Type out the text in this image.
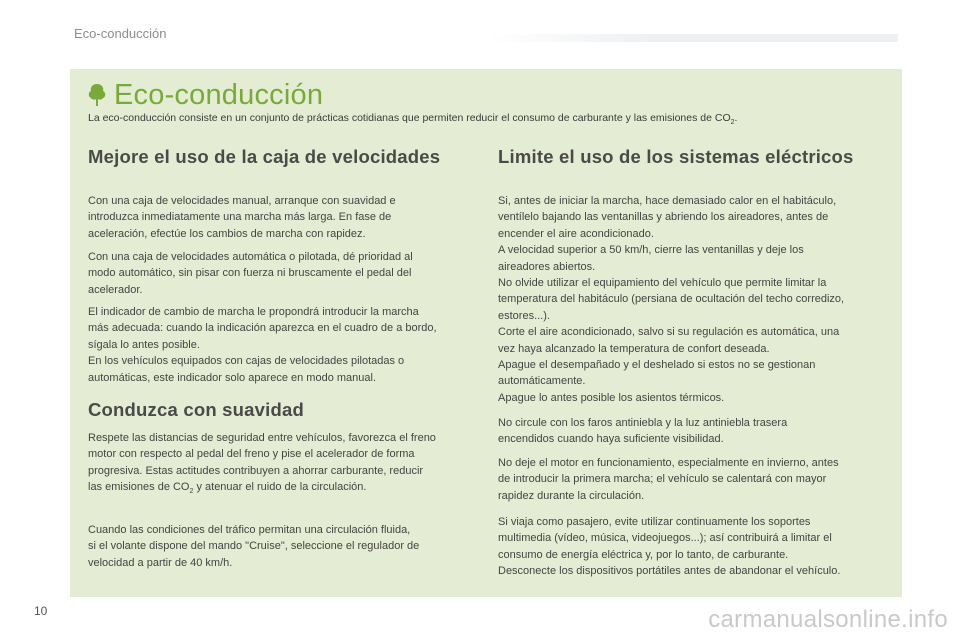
Eco-conducción
Eco-conducción
La eco-conducción consiste en un conjunto de prácticas cotidianas que permiten reducir el consumo de carburante y las emisiones de $CO_2$.
Mejore el uso de la caja de velocidades
Con una caja de velocidades manual, arranque con suavidad e
introduzca inmediatamente una marcha más larga. En fase de
aceleración, efectúe los cambios de marcha con rapidez.
Con una caja de velocidades automática o pilotada, dé prioridad al
modo automático, sin pisar con fuerza ni bruscamente el pedal del
acelerador.
El indicador de cambio de marcha le propondrá introducir la marcha
más adecuada: cuando la indicación aparezca en el cuadro de a bordo,
sígala lo antes posible.
En los vehículos equipados con cajas de velocidades pilotadas o
automáticas, este indicador solo aparece en modo manual.
Conduzca con suavidad
Respete las distancias de seguridad entre vehículos, favorezca el freno
motor con respecto al pedal del freno y pise el acelerador de forma
progresiva. Estas actitudes contribuyen a ahorrar carburante, reducir
las emisiones de $CO_2$ y atenuar el ruido de la circulación.
Cuando las condiciones del tráfico permitan una circulación fluida,
si el volante dispone del mando "Cruise", seleccione el regulador de
velocidad a partir de 40 km/h.
Limite el uso de los sistemas eléctricos
Si, antes de iniciar la marcha, hace demasiado calor en el habitáculo,
ventílelo bajando las ventanillas y abriendo los aireadores, antes de
encender el aire acondicionado.
A velocidad superior a 50 km/h, cierre las ventanillas y deje los
aireadores abiertos.
No olvide utilizar el equipamiento del vehículo que permite limitar la
temperatura del habitáculo (persiana de ocultación del techo corredizo,
estores...).
Corte el aire acondicionado, salvo si su regulación es automática, una
vez haya alcanzado la temperatura de confort deseada.
Apague el desempañado y el deshelado si estos no se gestionan
automáticamente.
Apague lo antes posible los asientos térmicos.
No circule con los faros antiniebla y la luz antiniebla trasera
encendidos cuando haya suficiente visibilidad.
No deje el motor en funcionamiento, especialmente en invierno, antes
de introducir la primera marcha; el vehículo se calentará con mayor
rapidez durante la circulación.
Si viaja como pasajero, evite utilizar continuamente los soportes
multimedia (vídeo, música, videojuegos...); así contribuirá a limitar el
consumo de energía eléctrica y, por lo tanto, de carburante.
Desconecte los dispositivos portátiles antes de abandonar el vehículo.
10	carmanualsonline.info
